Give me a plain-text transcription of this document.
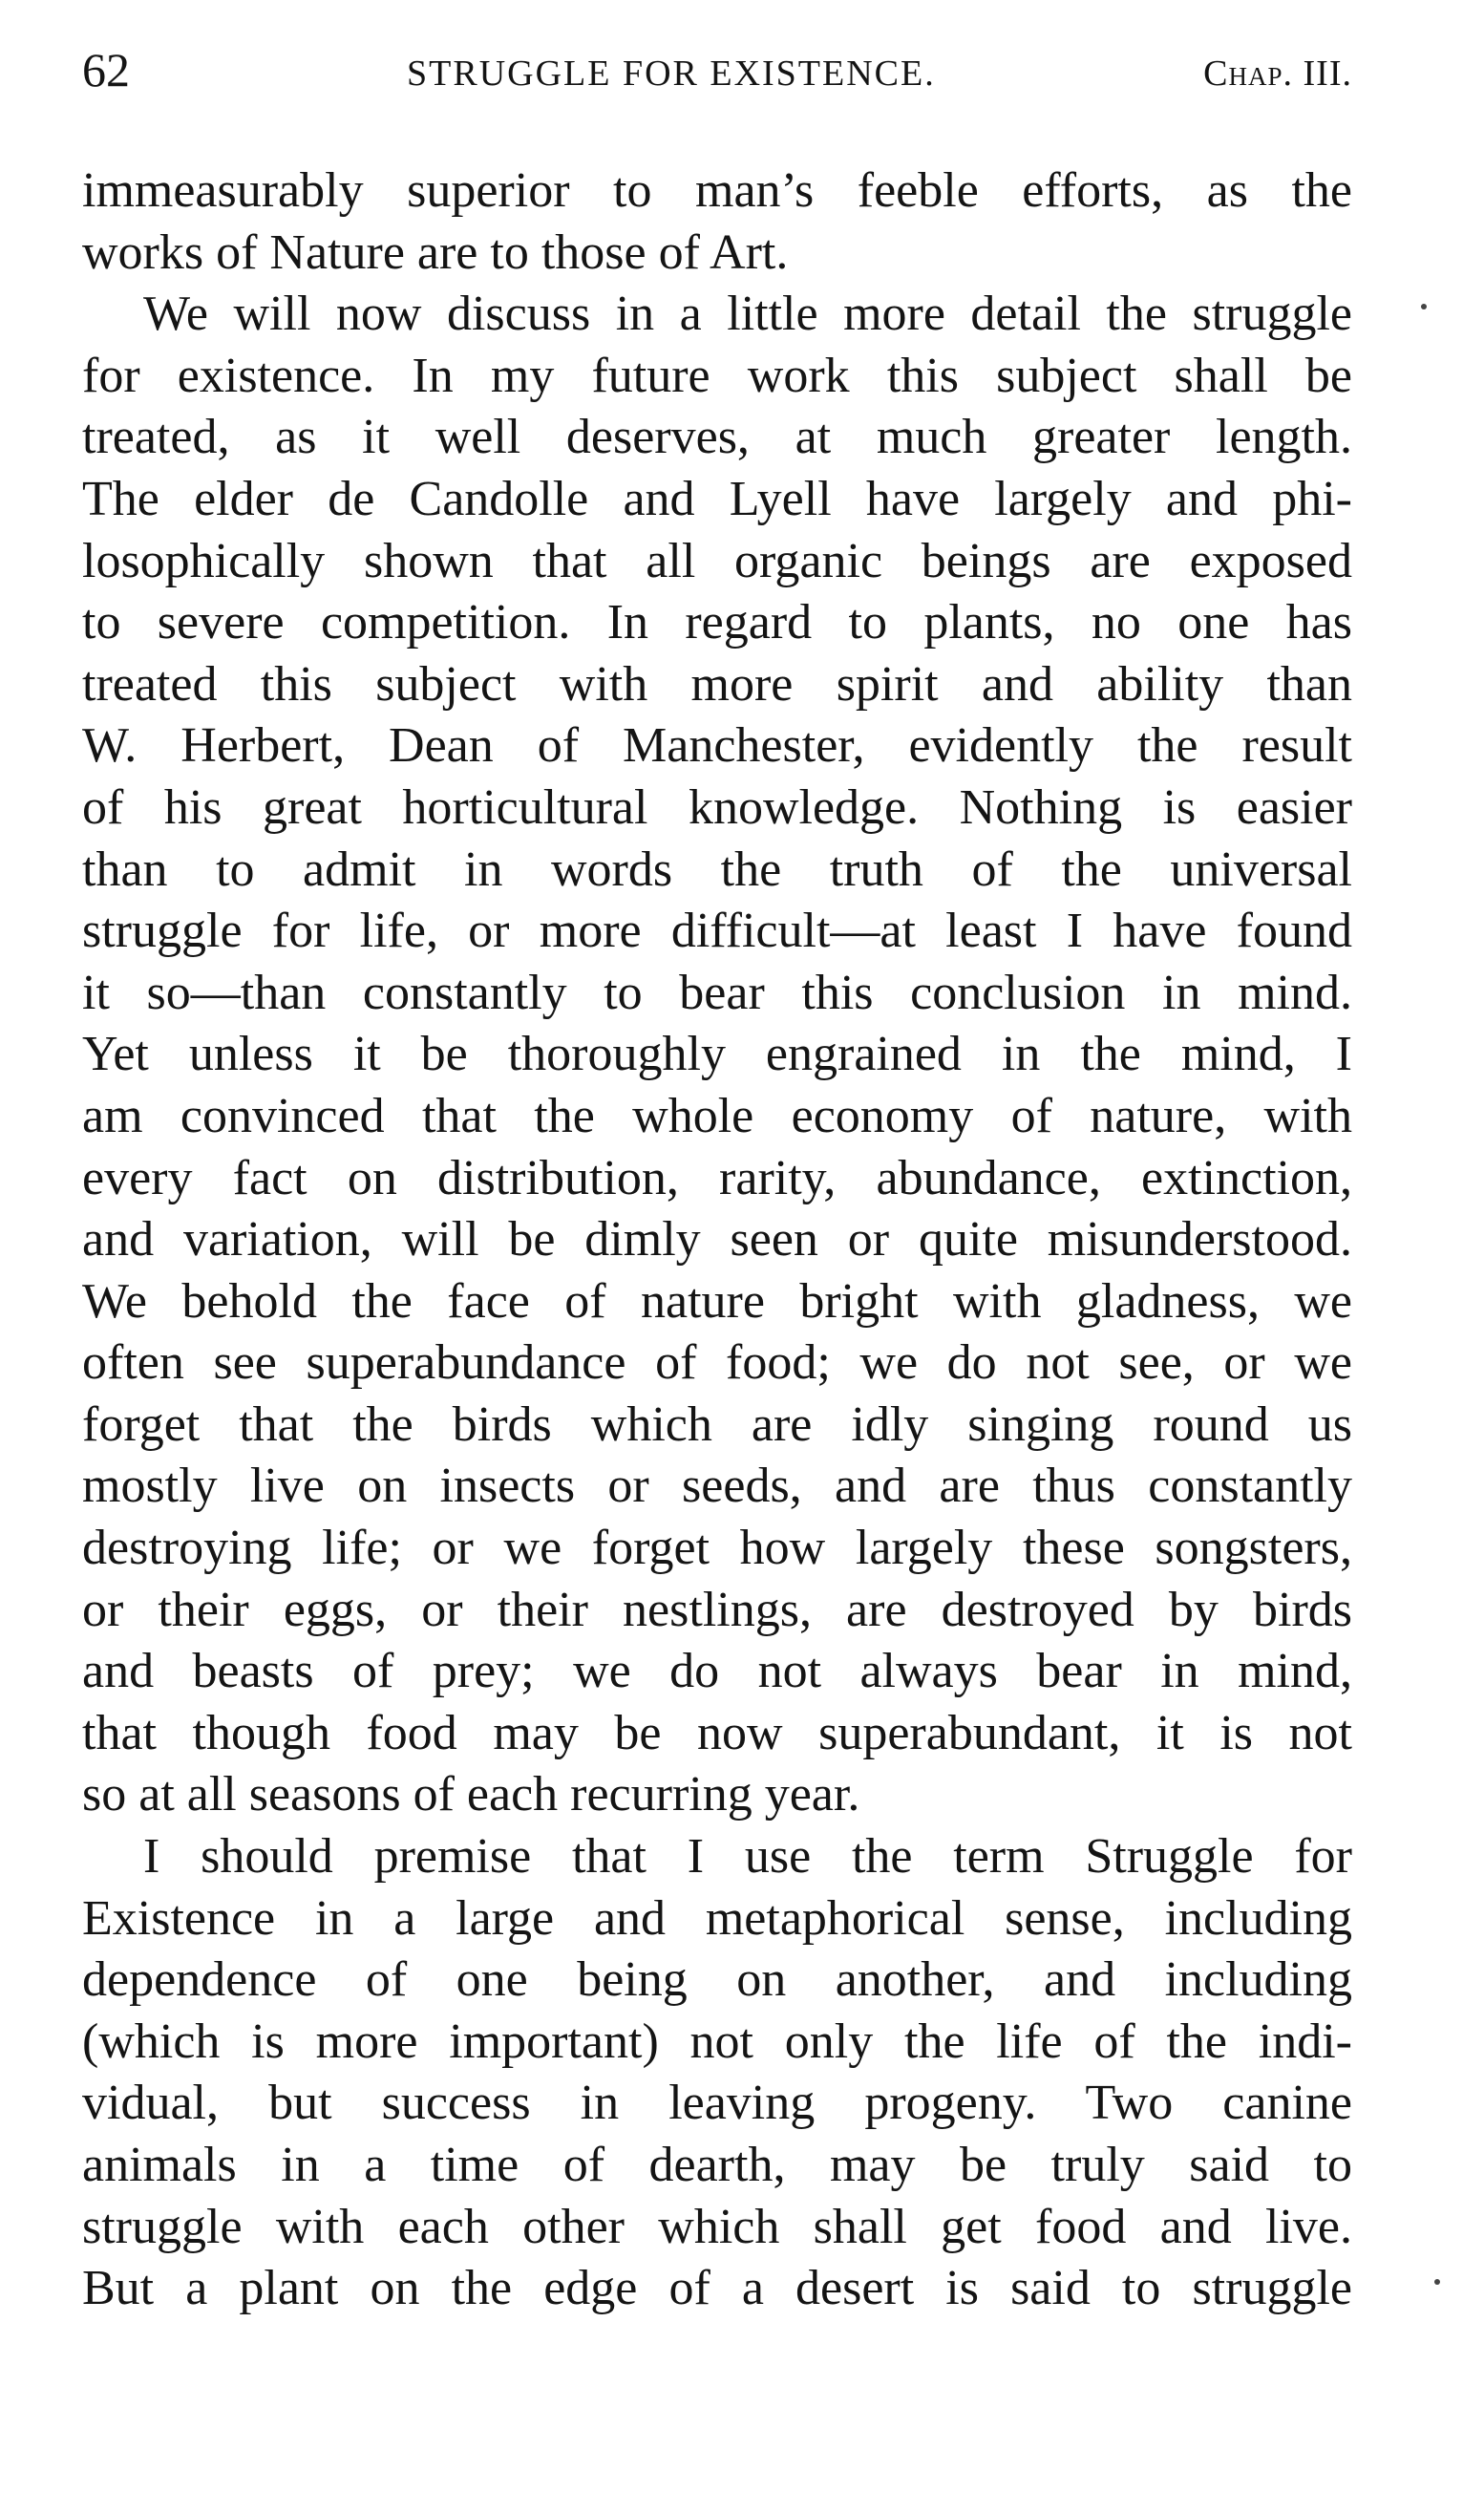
62	STRUGGLE FOR EXISTENCE.	Chap. III.
immeasurably superior to man’s feeble efforts, as the
works of Nature are to those of Art.
We will now discuss in a little more detail the struggle
for existence. In my future work this subject shall be
treated, as it well deserves, at much greater length.
The elder de Candolle and Lyell have largely and phi-
losophically shown that all organic beings are exposed
to severe competition. In regard to plants, no one has
treated this subject with more spirit and ability than
W. Herbert, Dean of Manchester, evidently the result
of his great horticultural knowledge. Nothing is easier
than to admit in words the truth of the universal
struggle for life, or more difficult—at least I have found
it so—than constantly to bear this conclusion in mind.
Yet unless it be thoroughly engrained in the mind, I
am convinced that the whole economy of nature, with
every fact on distribution, rarity, abundance, extinction,
and variation, will be dimly seen or quite misunderstood.
We behold the face of nature bright with gladness, we
often see superabundance of food; we do not see, or we
forget that the birds which are idly singing round us
mostly live on insects or seeds, and are thus constantly
destroying life; or we forget how largely these songsters,
or their eggs, or their nestlings, are destroyed by birds
and beasts of prey; we do not always bear in mind,
that though food may be now superabundant, it is not
so at all seasons of each recurring year.
I should premise that I use the term Struggle for
Existence in a large and metaphorical sense, including
dependence of one being on another, and including
(which is more important) not only the life of the indi-
vidual, but success in leaving progeny. Two canine
animals in a time of dearth, may be truly said to
struggle with each other which shall get food and live.
But a plant on the edge of a desert is said to struggle
